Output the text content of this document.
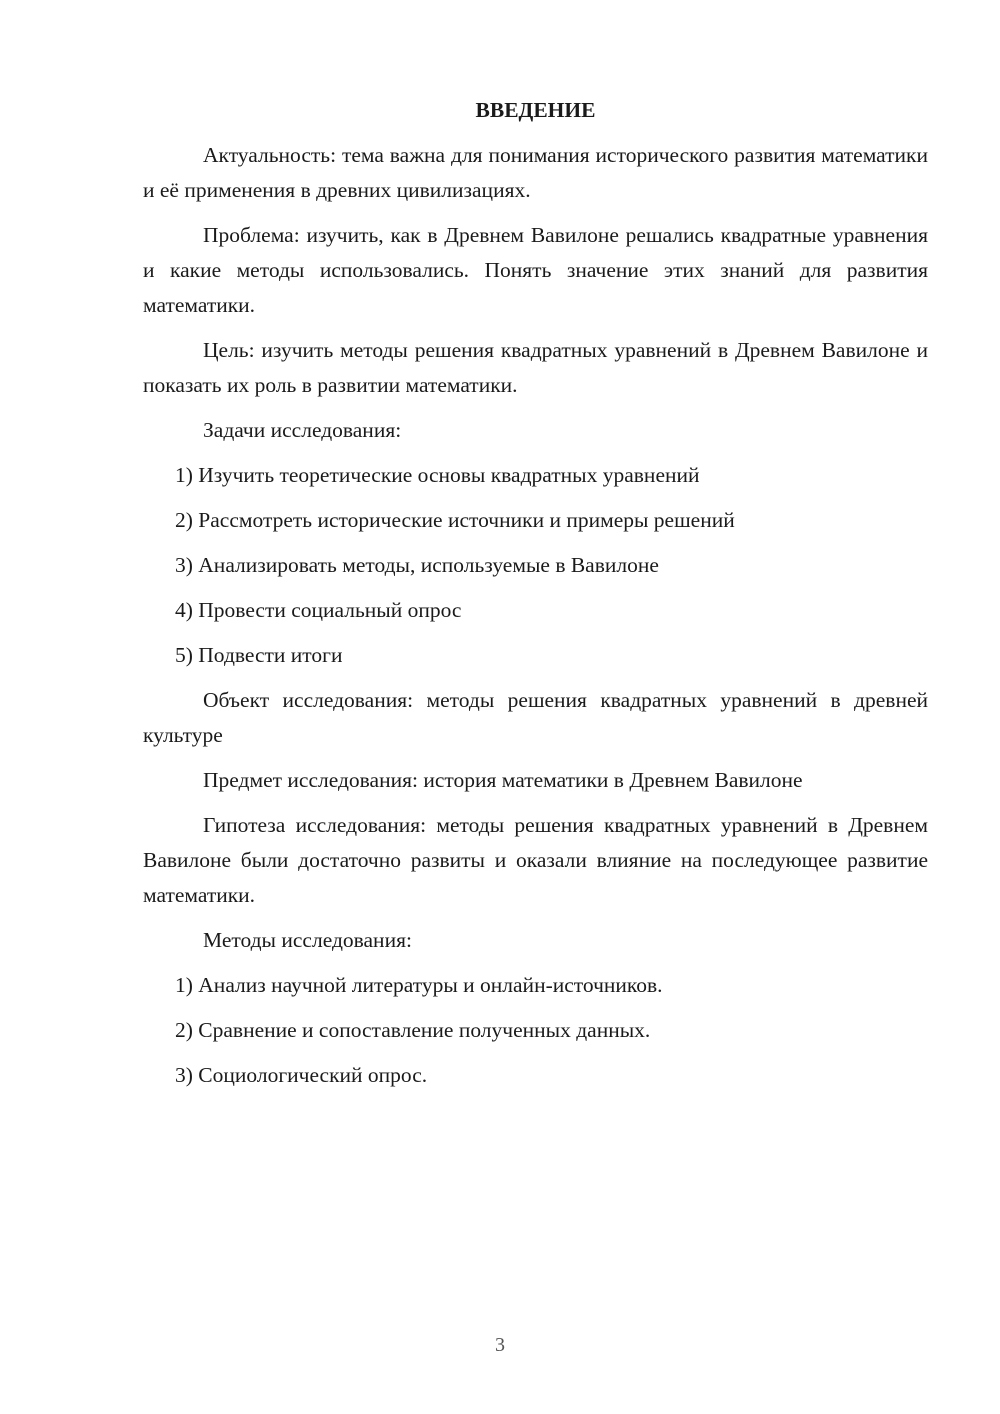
ВВЕДЕНИЕ

Актуальность: тема важна для понимания исторического развития математики и её применения в древних цивилизациях.

Проблема: изучить, как в Древнем Вавилоне решались квадратные уравнения и какие методы использовались. Понять значение этих знаний для развития математики.

Цель: изучить методы решения квадратных уравнений в Древнем Вавилоне и показать их роль в развитии математики.

Задачи исследования:

1) Изучить теоретические основы квадратных уравнений

2) Рассмотреть исторические источники и примеры решений

3) Анализировать методы, используемые в Вавилоне

4) Провести социальный опрос

5) Подвести итоги

Объект исследования: методы решения квадратных уравнений в древней культуре

Предмет исследования: история математики в Древнем Вавилоне

Гипотеза исследования: методы решения квадратных уравнений в Древнем Вавилоне были достаточно развиты и оказали влияние на последующее развитие математики.

Методы исследования:

1) Анализ научной литературы и онлайн-источников.

2) Сравнение и сопоставление полученных данных.

3) Социологический опрос.

3
